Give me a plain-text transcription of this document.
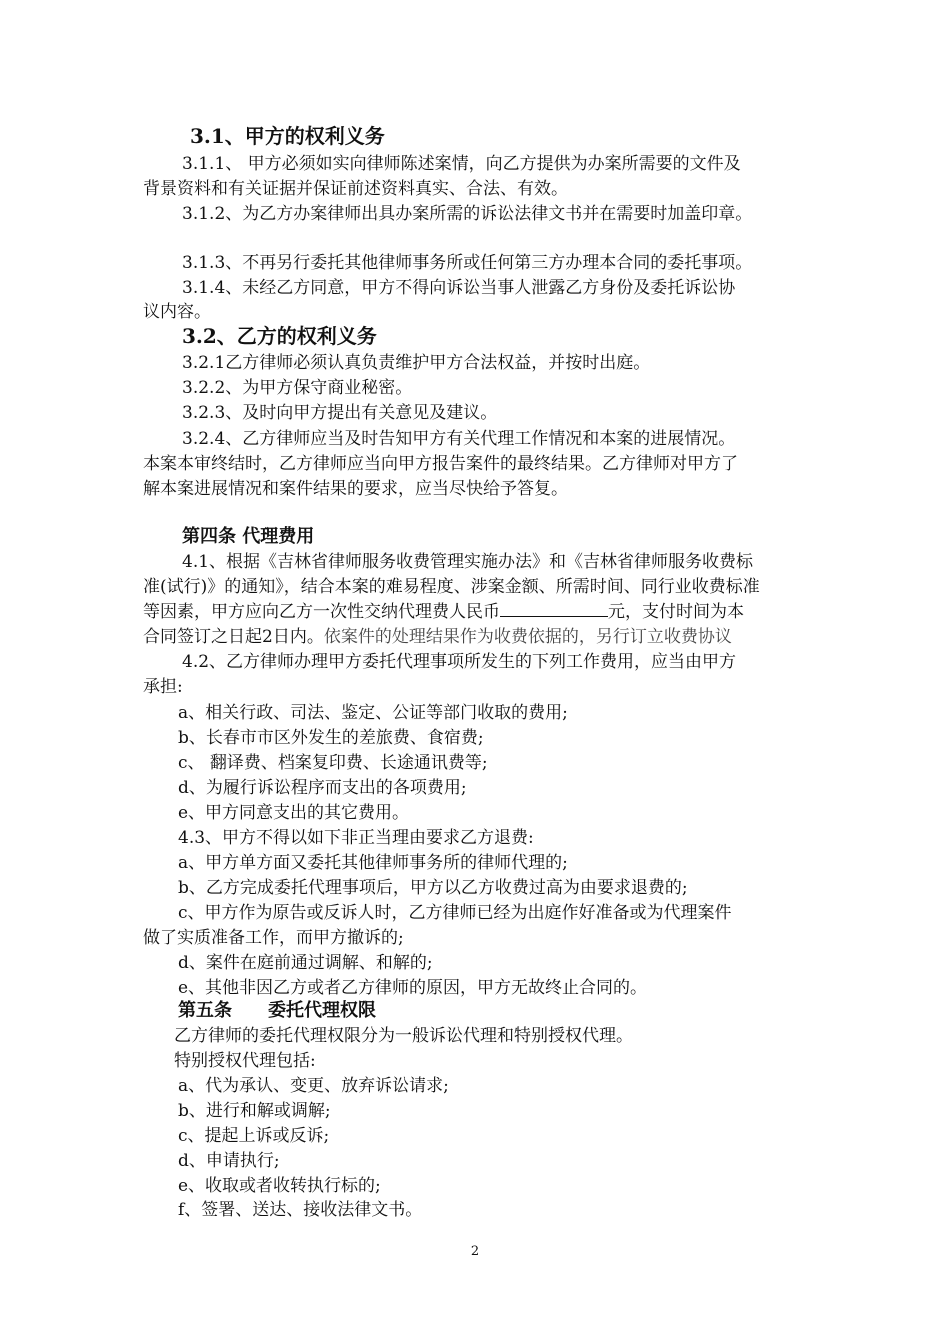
3.1、甲方的权利义务
3.1.1、 甲方必须如实向律师陈述案情，向乙方提供为办案所需要的文件及
背景资料和有关证据并保证前述资料真实、合法、有效。
3.1.2、为乙方办案律师出具办案所需的诉讼法律文书并在需要时加盖印章。
3.1.3、不再另行委托其他律师事务所或任何第三方办理本合同的委托事项。
3.1.4、未经乙方同意，甲方不得向诉讼当事人泄露乙方身份及委托诉讼协
议内容。
3.2、乙方的权利义务
3.2.1乙方律师必须认真负责维护甲方合法权益，并按时出庭。
3.2.2、为甲方保守商业秘密。
3.2.3、及时向甲方提出有关意见及建议。
3.2.4、乙方律师应当及时告知甲方有关代理工作情况和本案的进展情况。
本案本审终结时，乙方律师应当向甲方报告案件的最终结果。乙方律师对甲方了
解本案进展情况和案件结果的要求，应当尽快给予答复。
第四条 代理费用
4.1、根据《吉林省律师服务收费管理实施办法》和《吉林省律师服务收费标
准(试行)》的通知》，结合本案的难易程度、涉案金额、所需时间、同行业收费标准
等因素，甲方应向乙方一次性交纳代理费人民币	元，支付时间为本
合同签订之日起2日内。依案件的处理结果作为收费依据的，另行订立收费协议
4.2、乙方律师办理甲方委托代理事项所发生的下列工作费用，应当由甲方
承担:
a、相关行政、司法、鉴定、公证等部门收取的费用;
b、长春市市区外发生的差旅费、食宿费;
c、 翻译费、档案复印费、长途通讯费等;
d、为履行诉讼程序而支出的各项费用;
e、甲方同意支出的其它费用。
4.3、甲方不得以如下非正当理由要求乙方退费:
a、甲方单方面又委托其他律师事务所的律师代理的;
b、乙方完成委托代理事项后，甲方以乙方收费过高为由要求退费的;
c、甲方作为原告或反诉人时，乙方律师已经为出庭作好准备或为代理案件
做了实质准备工作，而甲方撤诉的;
d、案件在庭前通过调解、和解的;
e、其他非因乙方或者乙方律师的原因，甲方无故终止合同的。
第五条　　委托代理权限
乙方律师的委托代理权限分为一般诉讼代理和特别授权代理。
特别授权代理包括:
a、代为承认、变更、放弃诉讼请求;
b、进行和解或调解;
c、提起上诉或反诉;
d、申请执行;
e、收取或者收转执行标的;
f、签署、送达、接收法律文书。
2
